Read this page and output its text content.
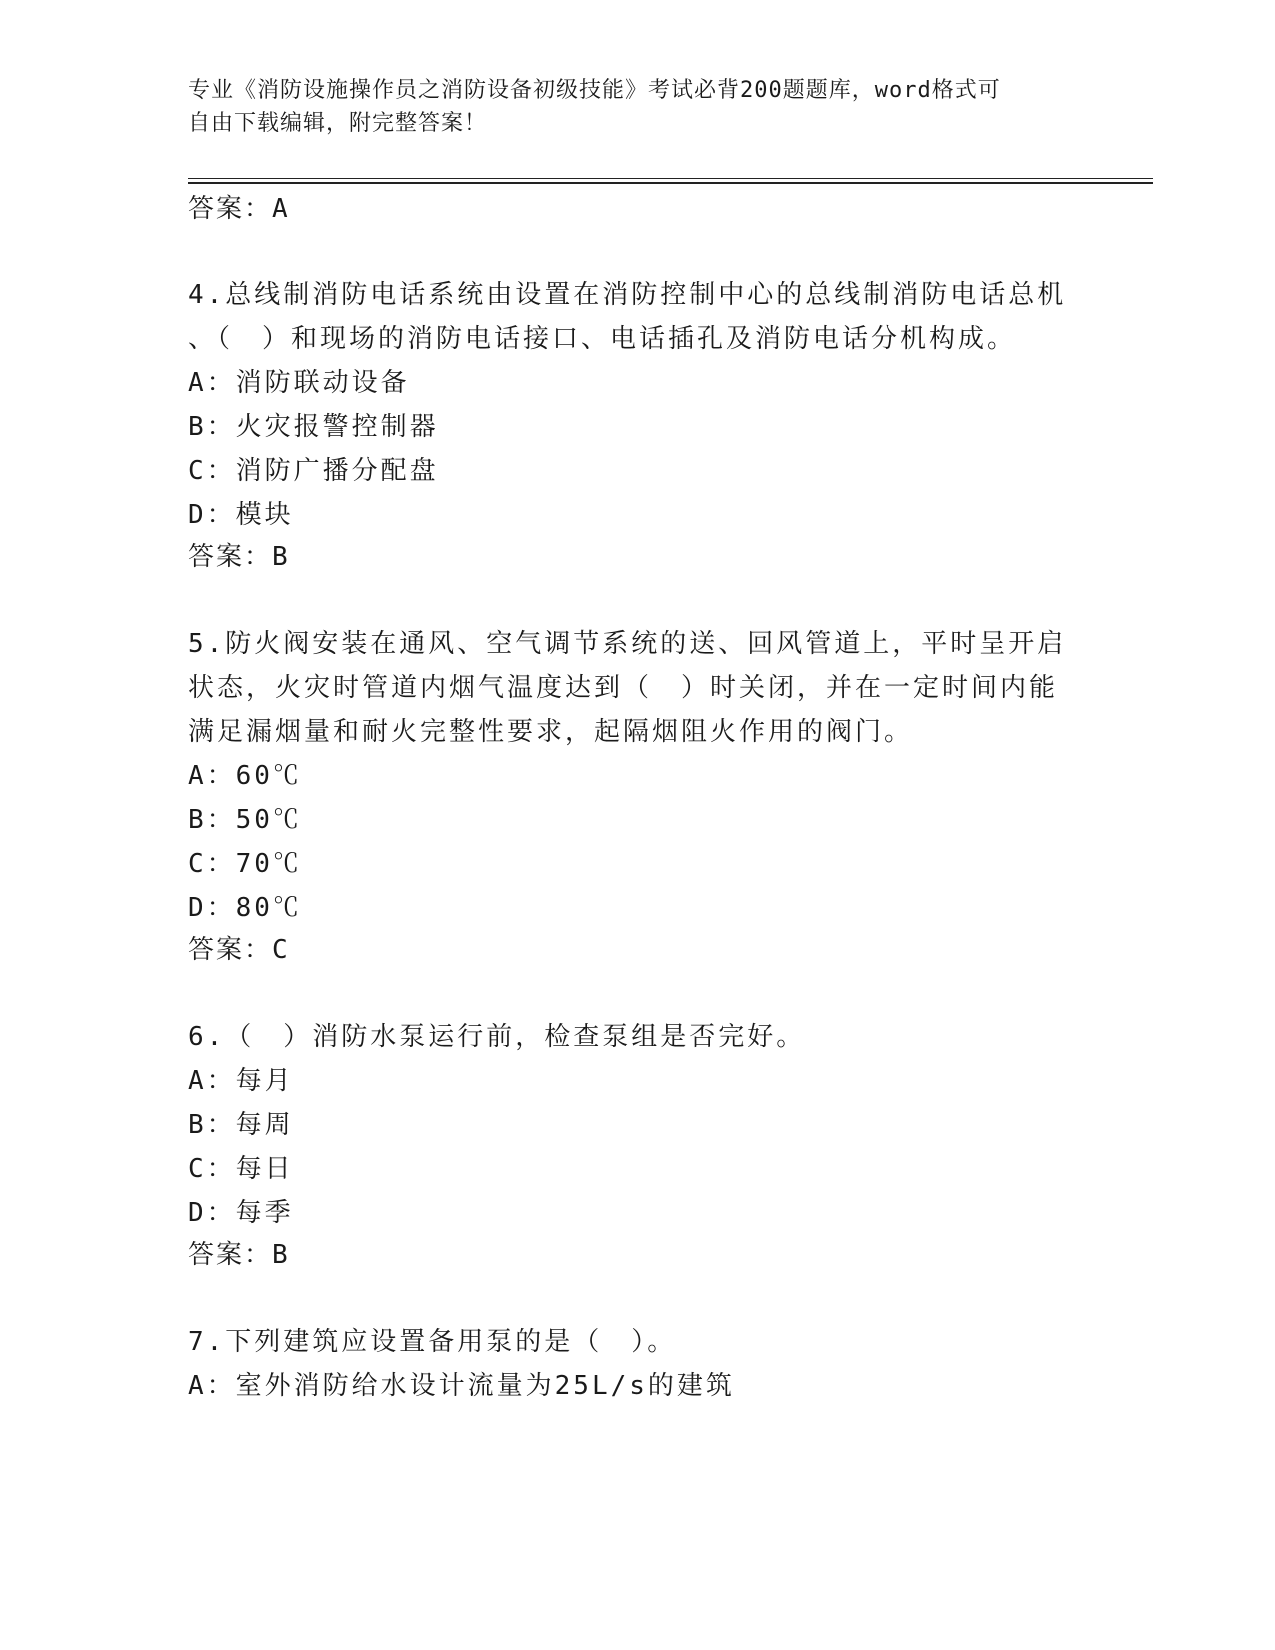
专业《消防设施操作员之消防设备初级技能》考试必背200题题库，word格式可
自由下载编辑，附完整答案！
答案：A
4.总线制消防电话系统由设置在消防控制中心的总线制消防电话总机
、（　）和现场的消防电话接口、电话插孔及消防电话分机构成。
A：消防联动设备
B：火灾报警控制器
C：消防广播分配盘
D：模块
答案：B
5.防火阀安装在通风、空气调节系统的送、回风管道上，平时呈开启
状态，火灾时管道内烟气温度达到（　）时关闭，并在一定时间内能
满足漏烟量和耐火完整性要求，起隔烟阻火作用的阀门。
A：60℃
B：50℃
C：70℃
D：80℃
答案：C
6.（　）消防水泵运行前，检查泵组是否完好。
A：每月
B：每周
C：每日
D：每季
答案：B
7.下列建筑应设置备用泵的是（　）。
A：室外消防给水设计流量为25L/s的建筑
